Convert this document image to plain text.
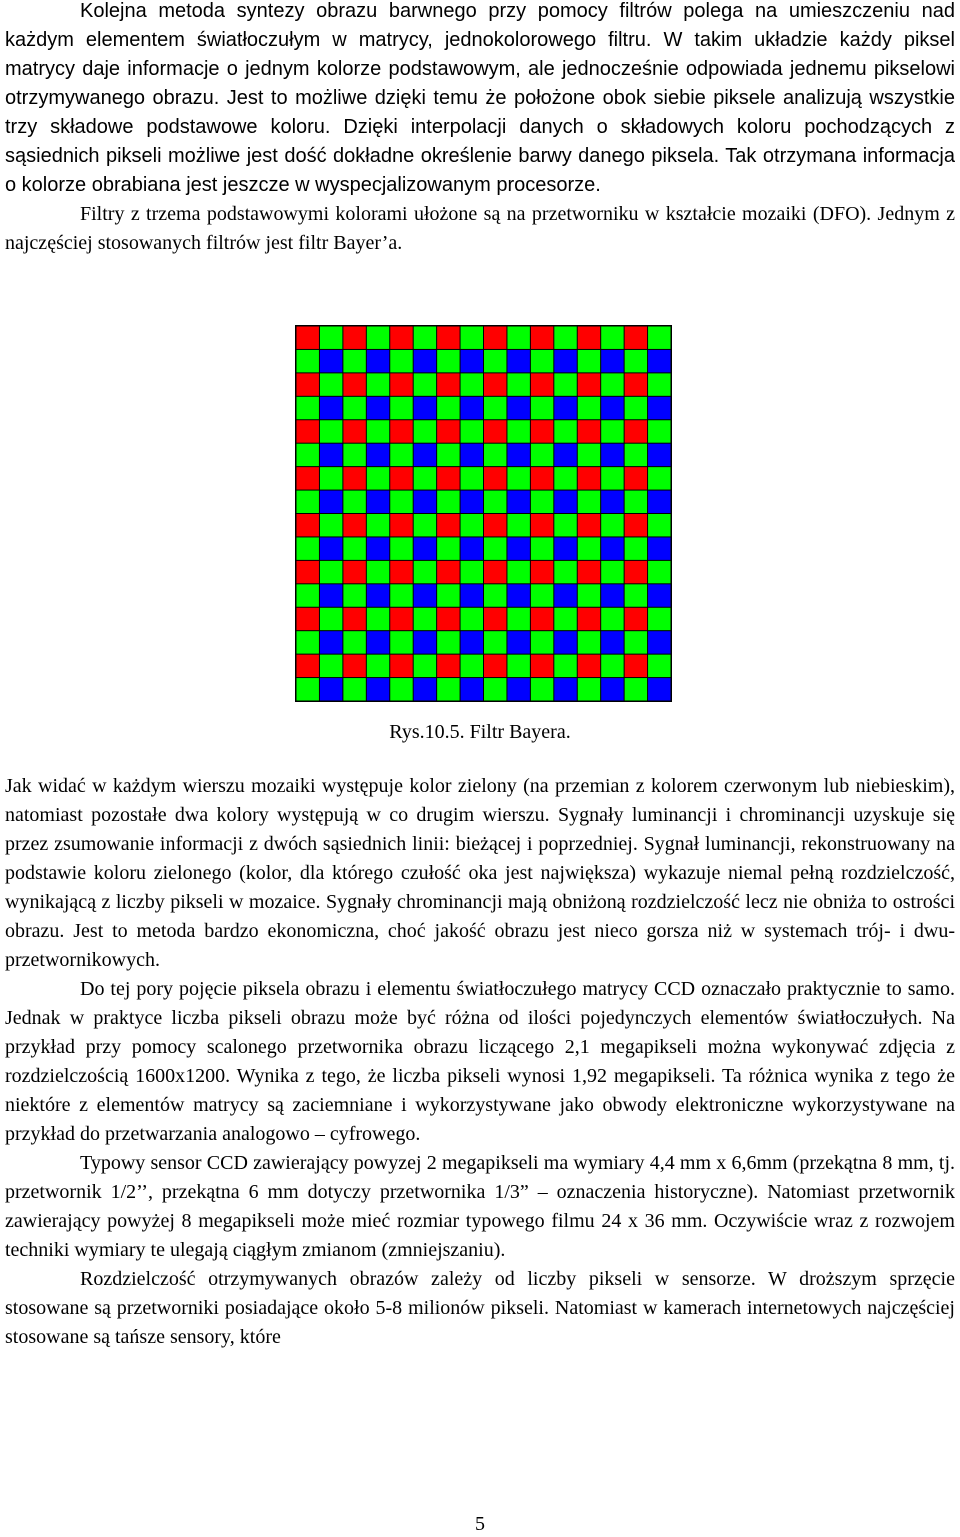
Kolejna metoda syntezy obrazu barwnego przy pomocy filtrów polega na umieszczeniu nad każdym elementem światłoczułym w matrycy, jednokolorowego filtru. W takim układzie każdy piksel matrycy daje informacje o jednym kolorze podstawowym, ale jednocześnie odpowiada jednemu pikselowi otrzymywanego obrazu. Jest to możliwe dzięki temu że położone obok siebie piksele analizują wszystkie trzy składowe podstawowe koloru. Dzięki interpolacji danych o składowych koloru pochodzących z sąsiednich pikseli możliwe jest dość dokładne określenie barwy danego piksela. Tak otrzymana informacja o kolorze obrabiana jest jeszcze w wyspecjalizowanym procesorze.

Filtry z trzema podstawowymi kolorami ułożone są na przetworniku w kształcie mozaiki (DFO). Jednym z najczęściej stosowanych filtrów jest filtr Bayer’a.

Rys.10.5. Filtr Bayera.

Jak widać w każdym wierszu mozaiki występuje kolor zielony (na przemian z kolorem czerwonym lub niebieskim), natomiast pozostałe dwa kolory występują w co drugim wierszu. Sygnały luminancji i chrominancji uzyskuje się przez zsumowanie informacji z dwóch sąsiednich linii: bieżącej i poprzedniej. Sygnał luminancji, rekonstruowany na podstawie koloru zielonego (kolor, dla którego czułość oka jest największa) wykazuje niemal pełną rozdzielczość, wynikającą z liczby pikseli w mozaice. Sygnały chrominancji mają obniżoną rozdzielczość lecz nie obniża to ostrości obrazu. Jest to metoda bardzo ekonomiczna, choć jakość obrazu jest nieco gorsza niż w systemach trój- i dwu-przetwornikowych.

Do tej pory pojęcie piksela obrazu i elementu światłoczułego matrycy CCD oznaczało praktycznie to samo. Jednak w praktyce liczba pikseli obrazu może być różna od ilości pojedynczych elementów światłoczułych. Na przykład przy pomocy scalonego przetwornika obrazu liczącego 2,1 megapikseli można wykonywać zdjęcia z rozdzielczością 1600x1200. Wynika z tego, że liczba pikseli wynosi 1,92 megapikseli. Ta różnica wynika z tego że niektóre z elementów matrycy są zaciemniane i wykorzystywane jako obwody elektroniczne wykorzystywane na przykład do przetwarzania analogowo – cyfrowego.

Typowy sensor CCD zawierający powyzej 2 megapikseli ma wymiary 4,4 mm x 6,6mm (przekątna 8 mm, tj. przetwornik 1/2’’, przekątna 6 mm dotyczy przetwornika 1/3” – oznaczenia historyczne). Natomiast przetwornik zawierający powyżej 8 megapikseli może mieć rozmiar typowego filmu 24 x 36 mm. Oczywiście wraz z rozwojem techniki wymiary te ulegają ciągłym zmianom (zmniejszaniu).

Rozdzielczość otrzymywanych obrazów zależy od liczby pikseli w sensorze. W droższym sprzęcie stosowane są przetworniki posiadające około 5-8 milionów pikseli. Natomiast w kamerach internetowych najczęściej stosowane są tańsze sensory, które

5
